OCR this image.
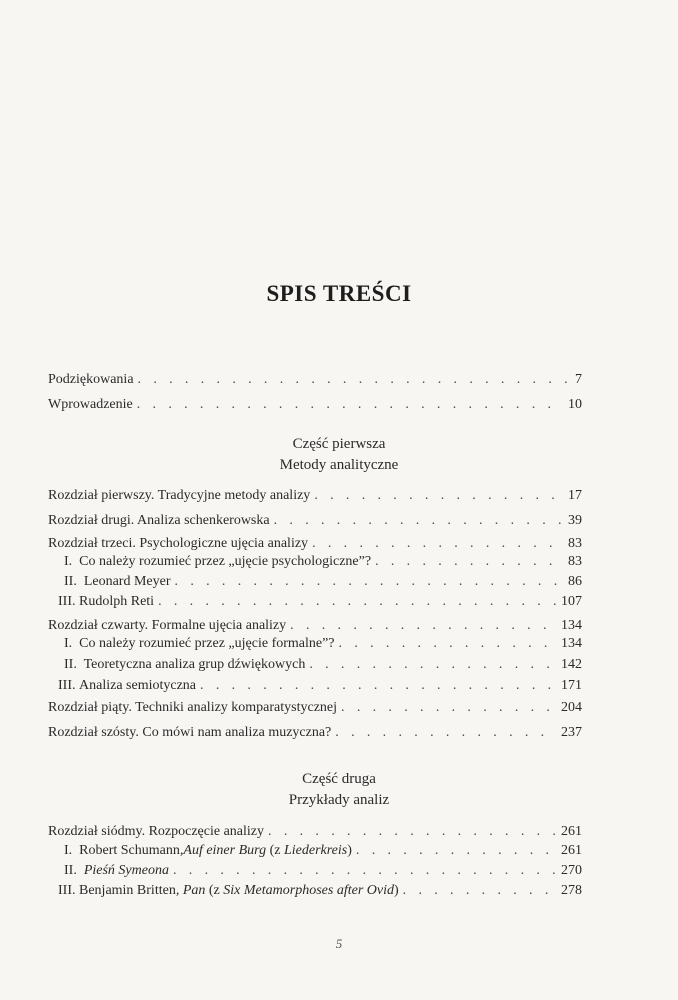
SPIS TREŚCI
Podziękowania . . .	7
Wprowadzenie . . .	10
Część pierwsza
Metody analityczne
Rozdział pierwszy. Tradycyjne metody analizy . . .	17
Rozdział drugi. Analiza schenkerowska . . .	39
Rozdział trzeci. Psychologiczne ujęcia analizy . . .	83
I. Co należy rozumieć przez „ujęcie psychologiczne”? . . .	83
II. Leonard Meyer . . .	86
III. Rudolph Reti . . .	107
Rozdział czwarty. Formalne ujęcia analizy . . .	134
I. Co należy rozumieć przez „ujęcie formalne”? . . .	134
II. Teoretyczna analiza grup dźwiękowych . . .	142
III. Analiza semiotyczna . . .	171
Rozdział piąty. Techniki analizy komparatystycznej . . .	204
Rozdział szósty. Co mówi nam analiza muzyczna? . . .	237
Część druga
Przykłady analiz
Rozdział siódmy. Rozpoczęcie analizy . . .	261
I. Robert Schumann,Auf einer Burg (z Liederkreis) . . .	261
II. Pieśń Symeona . . .	270
III. Benjamin Britten, Pan (z Six Metamorphoses after Ovid) . . .	278
5
